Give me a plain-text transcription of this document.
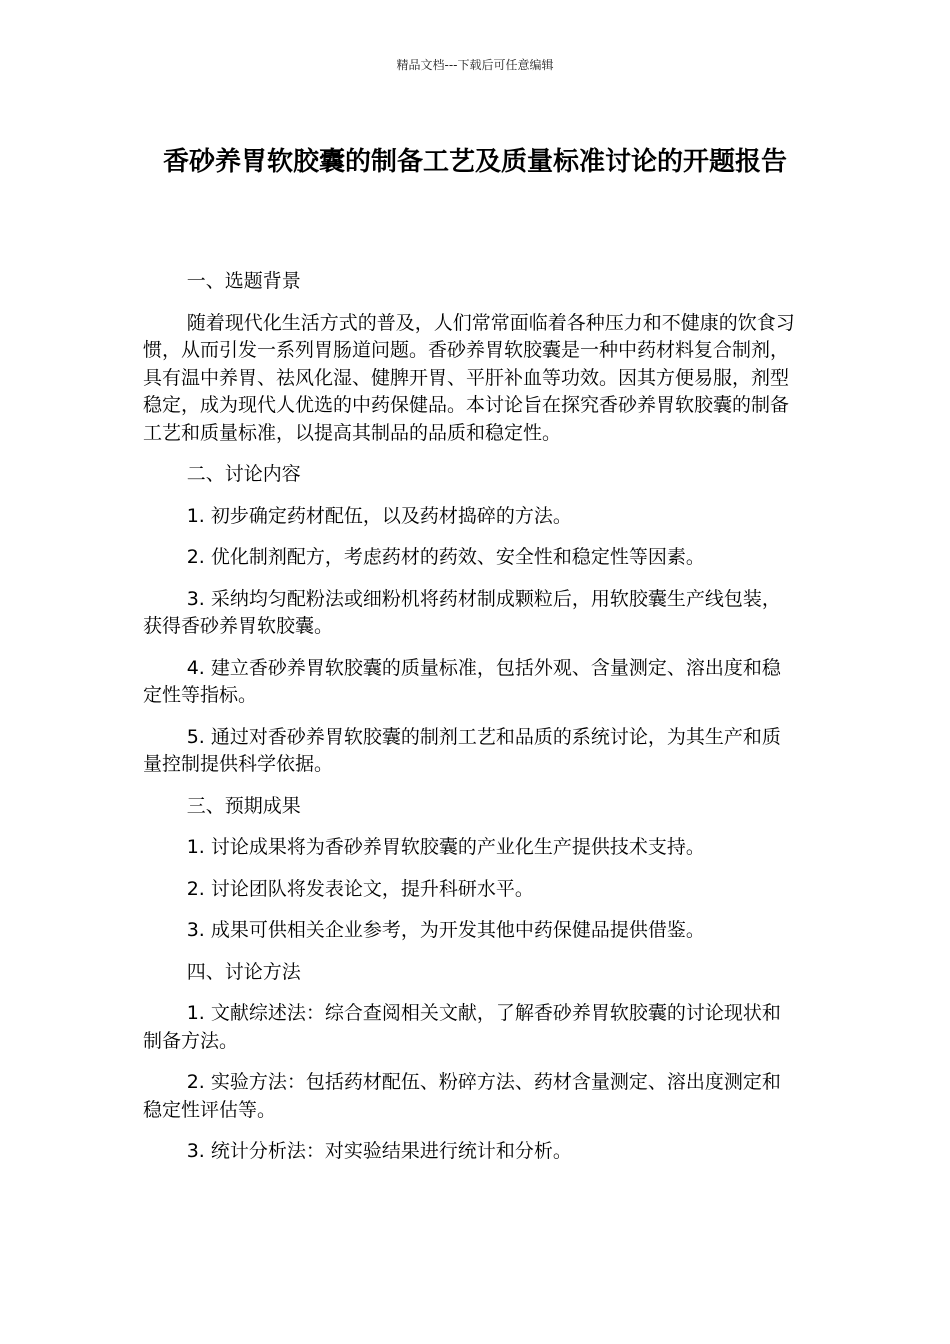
精品文档---下载后可任意编辑
香砂养胃软胶囊的制备工艺及质量标准讨论的开题报告

一、选题背景

随着现代化生活方式的普及，人们常常面临着各种压力和不健康的饮食习惯，从而引发一系列胃肠道问题。香砂养胃软胶囊是一种中药材料复合制剂，具有温中养胃、祛风化湿、健脾开胃、平肝补血等功效。因其方便易服，剂型稳定，成为现代人优选的中药保健品。本讨论旨在探究香砂养胃软胶囊的制备工艺和质量标准，以提高其制品的品质和稳定性。

二、讨论内容

1. 初步确定药材配伍，以及药材捣碎的方法。

2. 优化制剂配方，考虑药材的药效、安全性和稳定性等因素。

3. 采纳均匀配粉法或细粉机将药材制成颗粒后，用软胶囊生产线包装，获得香砂养胃软胶囊。

4. 建立香砂养胃软胶囊的质量标准，包括外观、含量测定、溶出度和稳定性等指标。

5. 通过对香砂养胃软胶囊的制剂工艺和品质的系统讨论，为其生产和质量控制提供科学依据。

三、预期成果

1. 讨论成果将为香砂养胃软胶囊的产业化生产提供技术支持。

2. 讨论团队将发表论文，提升科研水平。

3. 成果可供相关企业参考，为开发其他中药保健品提供借鉴。

四、讨论方法

1. 文献综述法：综合查阅相关文献，了解香砂养胃软胶囊的讨论现状和制备方法。

2. 实验方法：包括药材配伍、粉碎方法、药材含量测定、溶出度测定和稳定性评估等。

3. 统计分析法：对实验结果进行统计和分析。
